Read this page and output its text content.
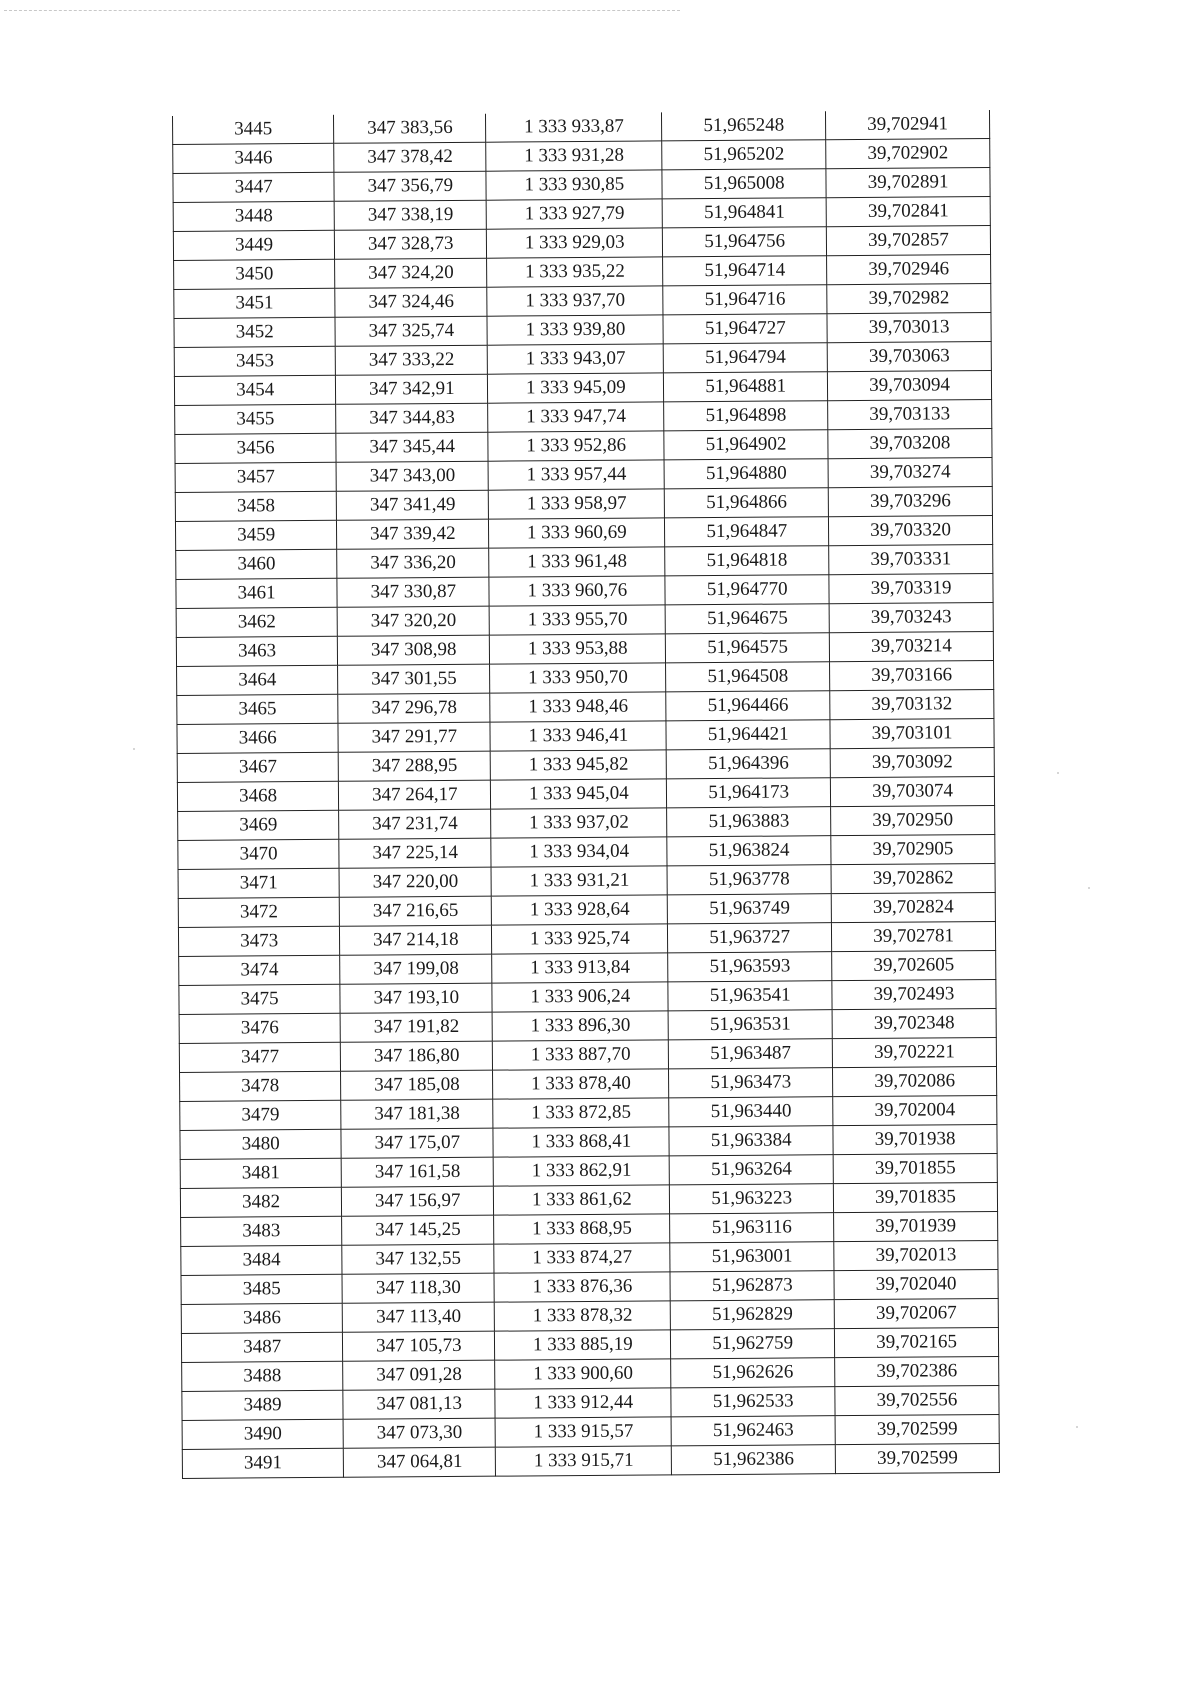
3445	347 383,56	1 333 933,87	51,965248	39,702941
3446	347 378,42	1 333 931,28	51,965202	39,702902
3447	347 356,79	1 333 930,85	51,965008	39,702891
3448	347 338,19	1 333 927,79	51,964841	39,702841
3449	347 328,73	1 333 929,03	51,964756	39,702857
3450	347 324,20	1 333 935,22	51,964714	39,702946
3451	347 324,46	1 333 937,70	51,964716	39,702982
3452	347 325,74	1 333 939,80	51,964727	39,703013
3453	347 333,22	1 333 943,07	51,964794	39,703063
3454	347 342,91	1 333 945,09	51,964881	39,703094
3455	347 344,83	1 333 947,74	51,964898	39,703133
3456	347 345,44	1 333 952,86	51,964902	39,703208
3457	347 343,00	1 333 957,44	51,964880	39,703274
3458	347 341,49	1 333 958,97	51,964866	39,703296
3459	347 339,42	1 333 960,69	51,964847	39,703320
3460	347 336,20	1 333 961,48	51,964818	39,703331
3461	347 330,87	1 333 960,76	51,964770	39,703319
3462	347 320,20	1 333 955,70	51,964675	39,703243
3463	347 308,98	1 333 953,88	51,964575	39,703214
3464	347 301,55	1 333 950,70	51,964508	39,703166
3465	347 296,78	1 333 948,46	51,964466	39,703132
3466	347 291,77	1 333 946,41	51,964421	39,703101
3467	347 288,95	1 333 945,82	51,964396	39,703092
3468	347 264,17	1 333 945,04	51,964173	39,703074
3469	347 231,74	1 333 937,02	51,963883	39,702950
3470	347 225,14	1 333 934,04	51,963824	39,702905
3471	347 220,00	1 333 931,21	51,963778	39,702862
3472	347 216,65	1 333 928,64	51,963749	39,702824
3473	347 214,18	1 333 925,74	51,963727	39,702781
3474	347 199,08	1 333 913,84	51,963593	39,702605
3475	347 193,10	1 333 906,24	51,963541	39,702493
3476	347 191,82	1 333 896,30	51,963531	39,702348
3477	347 186,80	1 333 887,70	51,963487	39,702221
3478	347 185,08	1 333 878,40	51,963473	39,702086
3479	347 181,38	1 333 872,85	51,963440	39,702004
3480	347 175,07	1 333 868,41	51,963384	39,701938
3481	347 161,58	1 333 862,91	51,963264	39,701855
3482	347 156,97	1 333 861,62	51,963223	39,701835
3483	347 145,25	1 333 868,95	51,963116	39,701939
3484	347 132,55	1 333 874,27	51,963001	39,702013
3485	347 118,30	1 333 876,36	51,962873	39,702040
3486	347 113,40	1 333 878,32	51,962829	39,702067
3487	347 105,73	1 333 885,19	51,962759	39,702165
3488	347 091,28	1 333 900,60	51,962626	39,702386
3489	347 081,13	1 333 912,44	51,962533	39,702556
3490	347 073,30	1 333 915,57	51,962463	39,702599
3491	347 064,81	1 333 915,71	51,962386	39,702599
